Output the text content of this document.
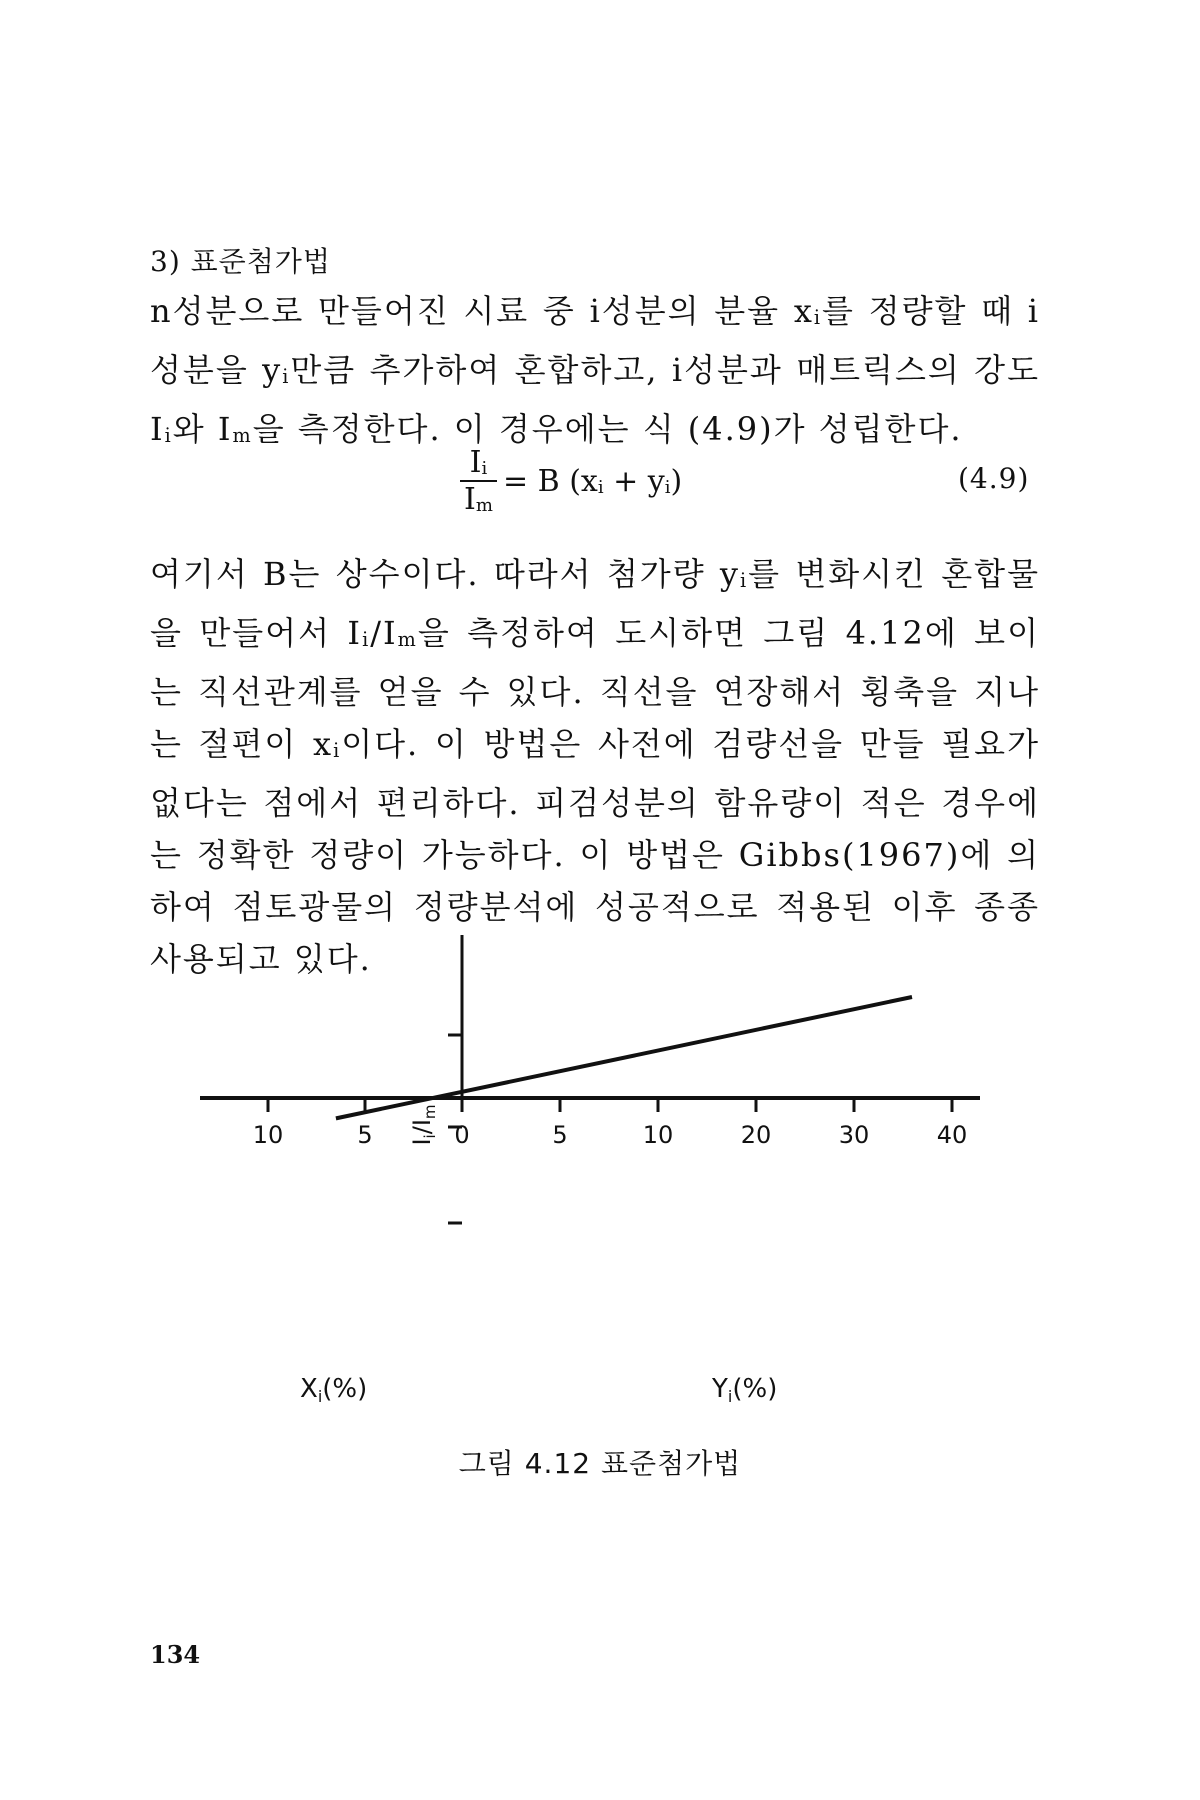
3) 표준첨가법
n성분으로 만들어진 시료 중 i성분의 분율 $x_i$를 정량할 때 i성분을 $y_i$만큼 추가하여 혼합하고, i성분과 매트릭스의 강도 $I_i$와 $I_m$을 측정한다. 이 경우에는 식 (4.9)가 성립한다.
$\frac{I_i}{I_m} = B$ $(x_i + y_i)$	(4.9)
여기서 B는 상수이다. 따라서 첨가량 $y_i$를 변화시킨 혼합물을 만들어서 $I_i/I_m$을 측정하여 도시하면 그림 4.12에 보이는 직선관계를 얻을 수 있다. 직선을 연장해서 횡축을 지나는 절편이 $x_i$이다. 이 방법은 사전에 검량선을 만들 필요가 없다는 점에서 편리하다. 피검성분의 함유량이 적은 경우에는 정확한 정량이 가능하다. 이 방법은 Gibbs(1967)에 의하여 점토광물의 정량분석에 성공적으로 적용된 이후 종종 사용되고 있다.
10	5	0	5	10	20	30	40
$I_i/I_m$
Xi(%)	Yi(%)
그림 4.12 표준첨가법
134
